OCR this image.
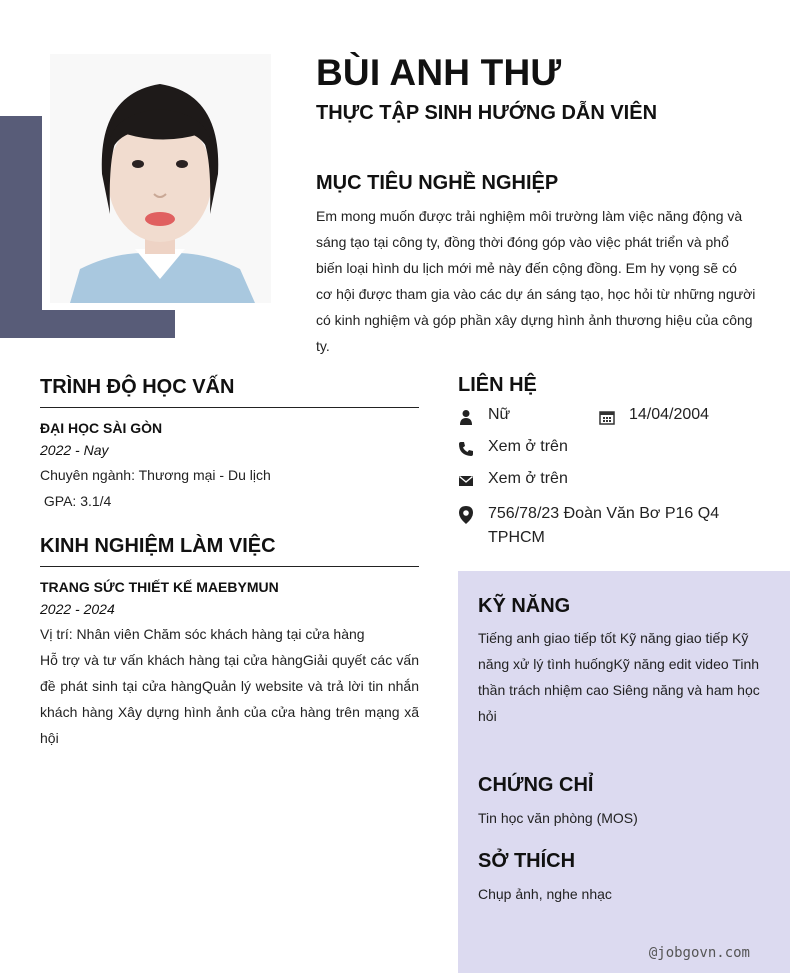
BÙI ANH THƯ
THỰC TẬP SINH HƯỚNG DẪN VIÊN
MỤC TIÊU NGHỀ NGHIỆP
Em mong muốn được trải nghiệm môi trường làm việc năng động và sáng tạo tại công ty, đồng thời đóng góp vào việc phát triển và phổ biến loại hình du lịch mới mẻ này đến cộng đồng. Em hy vọng sẽ có cơ hội được tham gia vào các dự án sáng tạo, học hỏi từ những người có kinh nghiệm và góp phần xây dựng hình ảnh thương hiệu của công ty.
TRÌNH ĐỘ HỌC VẤN
ĐẠI HỌC SÀI GÒN
2022 - Nay
Chuyên ngành: Thương mại - Du lịch
GPA: 3.1/4
KINH NGHIỆM LÀM VIỆC
TRANG SỨC THIẾT KẾ MAEBYMUN
2022 - 2024
Vị trí: Nhân viên Chăm sóc khách hàng tại cửa hàng
Hỗ trợ và tư vấn khách hàng tại cửa hàngGiải quyết các vấn đề phát sinh tại cửa hàngQuản lý website và trả lời tin nhắn khách hàng Xây dựng hình ảnh của cửa hàng trên mạng xã hội
LIÊN HỆ
Nữ	14/04/2004
Xem ở trên
Xem ở trên
756/78/23 Đoàn Văn Bơ P16 Q4 TPHCM
KỸ NĂNG
Tiếng anh giao tiếp tốt Kỹ năng giao tiếp Kỹ năng xử lý tình huốngKỹ năng edit video Tinh thần trách nhiệm cao Siêng năng và ham học hỏi
CHỨNG CHỈ
Tin học văn phòng (MOS)
SỞ THÍCH
Chụp ảnh, nghe nhạc
@jobgovn.com
